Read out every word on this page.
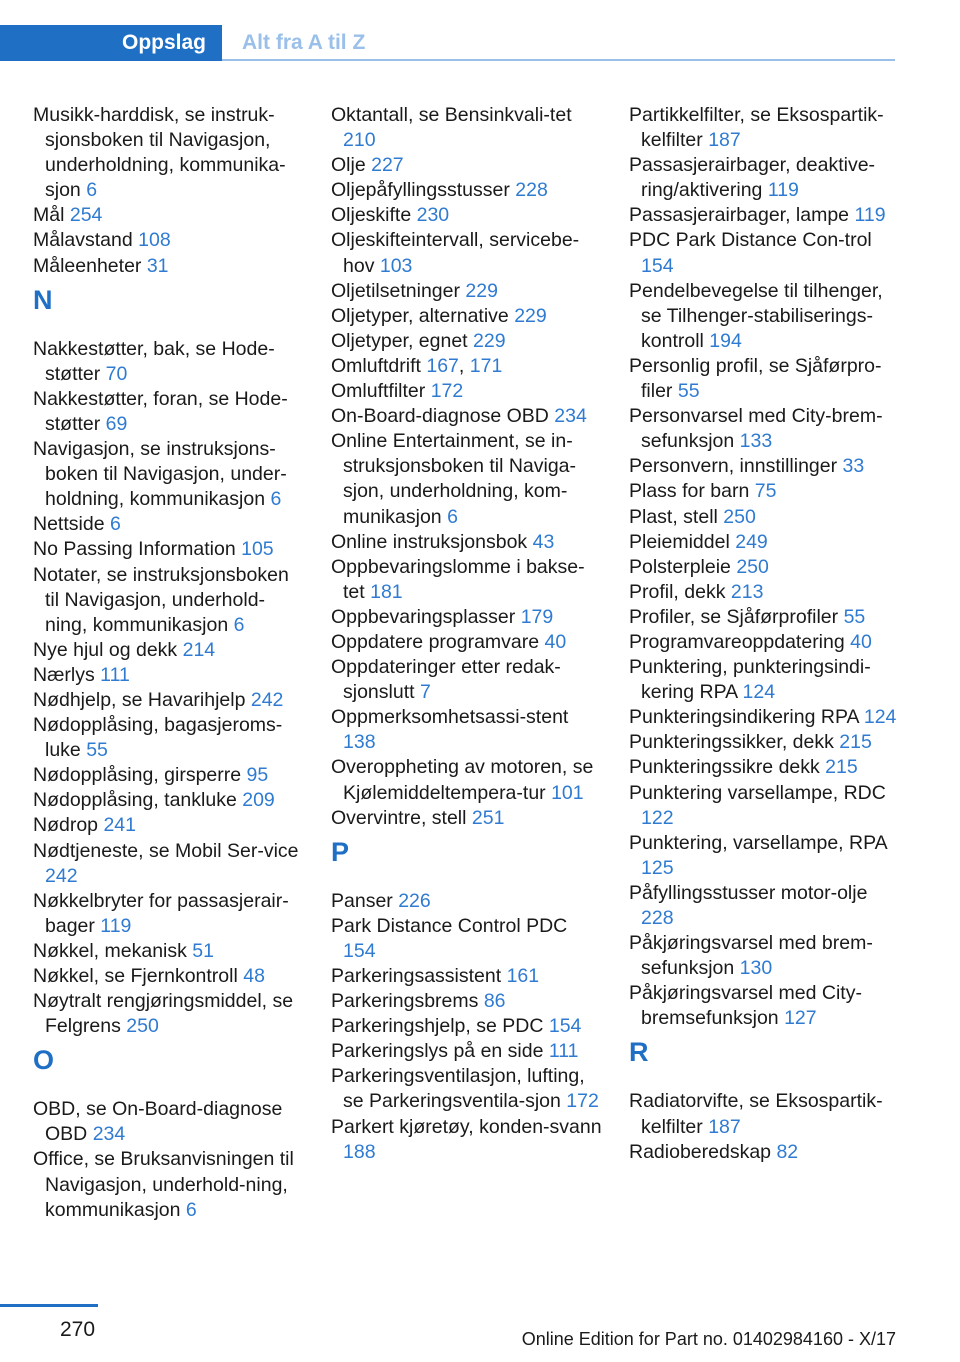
Oppslag	Alt fra A til Z
Musikk-harddisk, se instruk-sjonsboken til Navigasjon, underholdning, kommunika-sjon 6
Mål 254
Målavstand 108
Måleenheter 31
N
Nakkestøtter, bak, se Hode-støtter 70
Nakkestøtter, foran, se Hode-støtter 69
Navigasjon, se instruksjons-boken til Navigasjon, under-holdning, kommunikasjon 6
Nettside 6
No Passing Information 105
Notater, se instruksjonsboken til Navigasjon, underhold-ning, kommunikasjon 6
Nye hjul og dekk 214
Nærlys 111
Nødhjelp, se Havarihjelp 242
Nødopplåsing, bagasjeroms-luke 55
Nødopplåsing, girsperre 95
Nødopplåsing, tankluke 209
Nødrop 241
Nødtjeneste, se Mobil Ser-vice 242
Nøkkelbryter for passasjerair-bager 119
Nøkkel, mekanisk 51
Nøkkel, se Fjernkontroll 48
Nøytralt rengjøringsmiddel, se Felgrens 250
O
OBD, se On-Board-diagnose OBD 234
Office, se Bruksanvisningen til Navigasjon, underhold-ning, kommunikasjon 6
Oktantall, se Bensinkvali-tet 210
Olje 227
Oljepåfyllingsstusser 228
Oljeskifte 230
Oljeskifteintervall, servicebe-hov 103
Oljetilsetninger 229
Oljetyper, alternative 229
Oljetyper, egnet 229
Omluftdrift 167, 171
Omluftfilter 172
On-Board-diagnose OBD 234
Online Entertainment, se in-struksjonsboken til Naviga-sjon, underholdning, kom-munikasjon 6
Online instruksjonsbok 43
Oppbevaringslomme i bakse-tet 181
Oppbevaringsplasser 179
Oppdatere programvare 40
Oppdateringer etter redak-sjonslutt 7
Oppmerksomhetsassi-stent 138
Overoppheting av motoren, se Kjølemiddeltempera-tur 101
Overvintre, stell 251
P
Panser 226
Park Distance Control PDC 154
Parkeringsassistent 161
Parkeringsbrems 86
Parkeringshjelp, se PDC 154
Parkeringslys på en side 111
Parkeringsventilasjon, lufting, se Parkeringsventila-sjon 172
Parkert kjøretøy, konden-svann 188
Partikkelfilter, se Eksospartik-kelfilter 187
Passasjerairbager, deaktive-ring/aktivering 119
Passasjerairbager, lampe 119
PDC Park Distance Con-trol 154
Pendelbevegelse til tilhenger, se Tilhenger-stabiliserings-kontroll 194
Personlig profil, se Sjåførpro-filer 55
Personvarsel med City-brem-sefunksjon 133
Personvern, innstillinger 33
Plass for barn 75
Plast, stell 250
Pleiemiddel 249
Polsterpleie 250
Profil, dekk 213
Profiler, se Sjåførprofiler 55
Programvareoppdatering 40
Punktering, punkteringsindi-kering RPA 124
Punkteringsindikering RPA 124
Punkteringssikker, dekk 215
Punkteringssikre dekk 215
Punktering varsellampe, RDC 122
Punktering, varsellampe, RPA 125
Påfyllingsstusser motor-olje 228
Påkjøringsvarsel med brem-sefunksjon 130
Påkjøringsvarsel med City-bremsefunksjon 127
R
Radiatorvifte, se Eksospartik-kelfilter 187
Radioberedskap 82
270	Online Edition for Part no. 01402984160 - X/17
